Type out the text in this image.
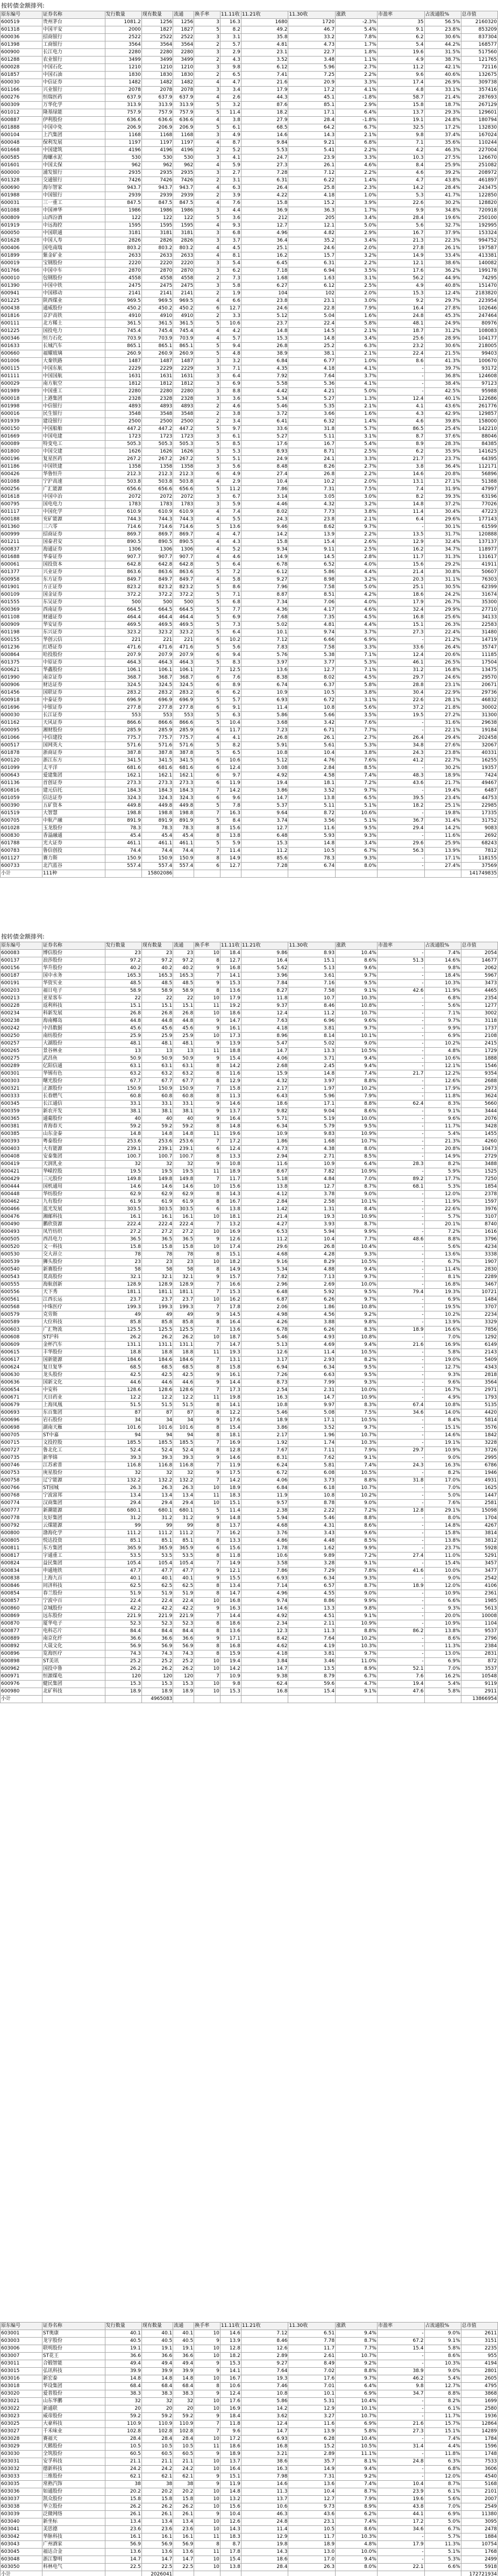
按转债金额排列:
原东编号	证券名称	发行数量	现有数量	流通	换手率	11.11收	11.21收	11.30收	涨跌	市盈率	占流通股%	总市值
600519	贵州茅台	1081.2	1256	1256	3	16.3	1680	1720	-2.3%	35	56.5%	2160320
601318	中国平安	2000	1827	1827	5	8.2	49.2	46.7	5.4%	9.1	23.8%	853209
600036	招商银行	2522	2522	2522	3	3.1	35.8	33.2	7.8%	6.2	30.6%	837304
601398	工商银行	3564	3564	3564	2	5.7	4.81	4.73	1.7%	5.4	44.2%	168577
600900	长江电力	2280	2280	2280	3	2.9	23.1	22.7	1.8%	19.6	31.5%	517560
601288	农业银行	3499	3499	3499	2	4.3	3.52	3.48	1.1%	4.9	38.7%	121765
600028	中国石化	1210	1210	1210	3	9.8	6.12	5.96	2.7%	11.2	42.1%	72116
601857	中国石油	1830	1830	1830	2	6.5	7.41	7.25	2.2%	9.6	40.6%	132675
600030	中信证券	1482	1482	1482	4	4.7	21.6	20.9	3.3%	17.4	26.9%	309738
601166	兴业银行	2078	2078	2078	3	3.4	17.9	17.2	4.1%	4.8	33.1%	357416
600276	恒瑞医药	637.9	637.9	637.9	4	2.6	44.3	45.1	-1.8%	58.7	21.4%	287693
600309	万华化学	313.9	313.9	313.9	5	3.2	87.6	85.1	2.9%	15.8	18.7%	267129
601012	隆基绿能	757.9	757.9	757.9	5	11.4	18.2	17.1	6.4%	13.7	29.3%	129601
600887	伊利股份	636.6	636.6	636.6	4	3.8	27.9	28.4	-1.8%	19.1	24.8%	180794
601888	中国中免	206.9	206.9	206.9	5	6.1	68.5	64.2	6.7%	32.5	17.2%	132830
600104	上汽集团	1168	1168	1168	3	4.9	14.6	14.3	2.1%	9.8	37.4%	167024
600048	保利发展	1197	1197	1197	4	8.7	9.84	9.21	6.8%	7.1	35.6%	110244
601668	中国建筑	4196	4196	4196	2	5.2	5.53	5.41	2.2%	4.2	46.3%	227004
600585	海螺水泥	530	530	530	3	4.1	24.7	23.9	3.3%	10.3	27.5%	126670
601601	中国太保	962	962	962	4	5.9	27.3	26.1	4.6%	8.4	25.9%	251082
600000	浦发银行	2935	2935	2935	3	2.7	7.28	7.12	2.2%	4.6	39.2%	208972
601328	交通银行	7426	7426	7426	2	3.1	6.31	6.22	1.4%	4.7	43.8%	461897
600690	海尔智家	943.7	943.7	943.7	4	6.3	26.4	25.8	2.3%	14.2	28.4%	243475
601988	中国银行	2939	2939	2939	2	3.9	4.22	4.18	1.0%	5.3	41.7%	122850
600031	三一重工	847.5	847.5	847.5	4	7.6	15.8	15.2	3.9%	22.6	30.2%	128820
601088	中国神华	1986	1986	1986	3	4.4	36.9	36.3	1.7%	9.9	34.8%	720918
600809	山西汾酒	122	122	122	5	3.6	212	205	3.4%	28.4	19.6%	250100
601919	中远海控	1595	1595	1595	4	9.3	12.7	12.1	5.0%	5.6	32.7%	192995
600050	中国联通	3181	3181	3181	3	6.8	4.96	4.82	2.9%	16.7	37.9%	153324
601628	中国人寿	2826	2826	2826	3	3.7	36.4	35.2	3.4%	21.3	22.3%	994752
600406	国电南瑞	803.2	803.2	803.2	4	4.5	25.1	24.6	2.0%	27.8	26.1%	197587
601899	紫金矿业	2633	2633	2633	4	8.1	16.2	15.7	3.2%	14.9	33.4%	413381
600019	宝钢股份	2220	2220	2220	3	5.4	6.45	6.31	2.2%	12.1	38.6%	140082
601766	中国中车	2870	2870	2870	3	6.2	7.18	6.94	3.5%	17.6	36.2%	199178
600010	包钢股份	4558	4558	4558	2	7.3	1.68	1.63	3.1%	56.2	44.9%	74295
601390	中国中铁	2475	2475	2475	3	5.8	6.27	6.12	2.5%	4.9	40.8%	151470
600941	中国移动	2141	2141	2141	2	1.9	104	102	2.0%	15.3	12.4%	2183820
601225	陕西煤业	969.5	969.5	969.5	4	6.6	23.8	23.1	3.0%	9.2	29.7%	223954
600438	通威股份	450.2	450.2	450.2	6	12.7	24.6	22.8	7.9%	16.4	27.8%	102646
601816	京沪高铁	4910	4910	4910	2	3.3	5.12	5.04	1.6%	24.8	45.3%	247464
600111	北方稀土	361.5	361.5	361.5	5	10.6	23.7	22.4	5.8%	48.1	24.9%	80976
601225	国投电力	745.4	745.4	745.4	4	4.2	14.8	14.5	2.1%	18.7	31.2%	108083
600346	恒力石化	703.9	703.9	703.9	4	5.7	15.3	14.8	3.4%	25.6	28.9%	104177
601633	长城汽车	865.1	865.1	865.1	5	9.4	26.8	25.2	6.3%	23.2	30.6%	218005
600660	福耀玻璃	260.9	260.9	260.9	5	4.8	38.9	38.1	2.1%	22.4	21.5%	99403
601006	大秦铁路	1487	1487	1487	3	3.2	6.84	6.77	1.0%	8.6	41.3%	100670
600115	中国东航	2229	2229	2229	3	7.1	4.35	4.18	4.1%	-	39.7%	93172
601111	中国国航	1631	1631	1631	3	6.4	7.92	7.64	3.7%	-	36.8%	124608
600029	南方航空	1812	1812	1812	3	6.9	5.58	5.36	4.1%	-	38.4%	97123
601989	中国重工	2280	2280	2280	3	8.8	4.42	4.21	5.0%	-	42.5%	95988
600018	上港集团	2328	2328	2328	3	3.6	5.34	5.27	1.3%	12.4	40.1%	122686
601998	中信银行	4893	4893	4893	2	4.6	5.46	5.35	2.1%	4.1	43.6%	261776
600016	民生银行	3548	3548	3548	2	3.8	3.72	3.66	1.6%	4.3	42.9%	129857
601939	建设银行	2500	2500	2500	2	3.4	6.41	6.32	1.4%	4.6	39.8%	158000
600150	中国船舶	447.2	447.2	447.2	5	9.7	33.6	31.8	5.7%	86.5	25.4%	142210
601669	中国电建	1723	1723	1723	3	6.1	5.27	5.11	3.1%	8.7	37.6%	88046
600089	特变电工	505.3	505.3	505.3	5	8.5	17.6	16.7	5.4%	8.9	28.3%	84385
601800	中国交建	1626	1626	1626	3	5.3	8.93	8.71	2.5%	6.2	35.9%	141625
600196	复星医药	267.2	267.2	267.2	5	5.1	24.9	24.1	3.3%	21.7	23.7%	64395
601186	中国铁建	1358	1358	1358	3	5.6	8.48	8.26	2.7%	3.8	36.4%	112171
600426	华鲁恒升	212.3	212.3	212.3	6	4.9	27.4	26.8	2.2%	14.6	20.8%	56896
601088	宁沪高速	503.8	503.8	503.8	4	2.9	10.4	10.2	2.0%	13.1	27.1%	51388
600256	广汇能源	656.6	656.6	656.6	5	11.2	7.86	7.31	7.5%	7.4	31.9%	47997
601618	中国中冶	2072	2072	2072	3	6.7	3.14	3.05	3.0%	8.2	39.3%	63196
600795	国电电力	1783	1783	1783	3	5.9	4.46	4.32	3.2%	14.8	37.2%	77026
601117	中国化学	610.9	610.9	610.9	4	7.4	8.02	7.73	3.8%	11.4	30.4%	47223
600188	兖矿能源	744.3	744.3	744.3	4	5.5	24.3	23.8	2.1%	6.4	29.6%	177143
601360	三六零	714.6	714.6	714.6	5	13.6	9.46	8.62	9.7%	-	30.1%	61599
600999	招商证券	869.7	869.7	869.7	4	4.7	14.2	13.9	2.2%	13.5	31.7%	120888
601211	国泰君安	890.5	890.5	890.5	4	4.3	15.8	15.4	2.6%	12.9	32.4%	137137
600837	海通证券	1306	1306	1306	4	5.2	9.34	9.11	2.5%	16.2	34.7%	118977
601688	华泰证券	907.7	907.7	907.7	4	4.6	14.9	14.5	2.8%	11.7	31.3%	131617
600061	国投资本	642.8	642.8	642.8	5	6.4	6.78	6.52	4.0%	15.6	29.2%	41911
601377	兴业证券	863.6	863.6	863.6	5	7.2	6.12	5.86	4.4%	21.4	30.8%	50607
600958	东方证券	849.7	849.7	849.7	4	5.8	9.27	8.98	3.2%	20.3	31.1%	76303
601901	方正证券	823.2	823.2	823.2	5	8.6	7.96	7.58	5.0%	25.1	30.5%	62399
600109	国金证券	372.2	372.2	372.2	5	7.1	8.87	8.51	4.2%	18.6	24.2%	31674
601555	东吴证券	500	500	500	5	6.8	7.34	7.06	4.0%	17.9	26.7%	35300
600369	西南证券	664.5	664.5	664.5	5	7.7	4.36	4.17	4.6%	32.4	29.9%	27710
601108	财通证券	464.4	464.4	464.4	5	6.9	7.68	7.35	4.5%	16.8	25.6%	34133
600909	华安证券	469.5	469.5	469.5	5	7.3	5.02	4.81	4.4%	15.1	26.3%	22583
601198	东兴证券	323.2	323.2	323.2	5	6.4	10.1	9.74	3.7%	27.3	22.4%	31480
600155	华创云信	221	221	221	6	10.2	7.12	6.66	6.9%	-	21.2%	14719
601236	红塔证券	471.6	471.6	471.6	5	5.6	7.83	7.58	3.3%	33.6	26.4%	35747
600864	哈投股份	207.9	207.9	207.9	6	9.4	5.76	5.38	7.1%	12.4	20.6%	11185
601375	中原证券	464.3	464.3	464.3	5	8.3	3.97	3.77	5.3%	46.1	26.5%	17504
600621	华鑫股份	106.1	106.1	106.1	7	12.5	13.6	12.7	7.1%	31.2	16.8%	13475
601990	南京证券	368.7	368.7	368.7	6	7.6	8.38	8.02	4.5%	29.7	24.6%	29570
600906	财达证券	324.5	324.5	324.5	6	8.9	6.74	6.37	5.8%	28.8	23.1%	20671
601456	国联证券	283.2	283.2	283.2	6	6.2	10.9	10.5	3.8%	30.4	22.9%	29736
600918	中泰证券	696.9	696.9	696.9	5	5.7	6.93	6.72	3.1%	22.6	28.1%	46832
601696	中银证券	277.8	277.8	277.8	6	9.1	11.4	10.8	5.6%	37.2	21.8%	30002
600030	长江证券	553	553	553	5	6.3	5.86	5.66	3.5%	19.5	27.2%	31300
601162	天风证券	866.6	866.6	866.6	5	10.4	3.68	3.42	7.6%	-	31.6%	29638
600095	湘财股份	285.9	285.9	285.9	6	11.7	7.23	6.71	7.7%	-	22.1%	19184
601066	中信建投	775.7	775.7	775.7	4	4.1	26.8	26.1	2.7%	26.4	29.4%	202458
600517	国网英大	571.6	571.6	571.6	5	8.2	5.91	5.61	5.3%	34.8	27.6%	32067
601878	浙商证券	387.8	387.8	387.8	5	6.5	10.8	10.4	3.8%	24.3	23.8%	40331
600120	浙江东方	341.5	341.5	341.5	6	10.6	5.12	4.76	7.6%	41.2	22.7%	16255
601099	太平洋	681.6	681.6	681.6	6	12.4	3.08	2.84	8.5%	-	30.2%	19357
600643	爱建集团	162.1	162.1	162.1	6	9.7	4.92	4.58	7.4%	48.3	18.9%	7424
601136	首创证券	273.3	273.3	273.3	6	11.9	19.4	18.1	7.2%	43.6	21.7%	49467
600816	建元信托	184.3	184.3	184.3	7	14.2	3.86	3.52	9.7%	-	19.4%	6487
601059	信达证券	324.3	324.3	324.3	6	9.6	14.7	13.8	6.5%	39.5	23.4%	44753
600390	五矿资本	449.8	449.8	449.8	5	7.8	5.37	5.11	5.1%	18.2	25.1%	22985
601519	大智慧	198.8	198.8	198.8	7	16.3	9.64	8.72	10.6%	-	19.8%	17335
600705	中航产融	891.9	891.9	891.9	5	8.4	3.74	3.56	5.1%	36.7	31.4%	31752
601028	玉龙股份	78.3	78.3	78.3	8	15.6	12.7	11.6	9.5%	29.4	14.2%	9083
600830	香溢融通	45.4	45.4	45.4	8	13.8	6.48	5.93	9.3%	-	11.6%	2692
601788	光大证券	461.1	461.1	461.1	5	5.9	15.3	14.8	3.4%	29.6	25.9%	68243
600783	鲁信创投	74.4	74.4	74.4	7	11.4	11.2	10.5	6.7%	56.3	13.9%	7812
601127	赛力斯	150.9	150.9	150.9	8	14.9	85.6	78.3	9.3%	-	17.1%	118155
600733	北汽蓝谷	557.4	557.4	557.4	6	12.7	7.28	6.74	8.0%	-	27.4%	37569
小计	111种		15802086									141749835
按转债金额排列:
原东编号	证券名称	发行数量	现有数量	流通	换手率	11.11收	11.21收	11.30收	涨跌	市盈率	占流通股%	总市值
600083	博信股份	23	23	23	10	18.4	9.86	8.93	10.4%	-	7.4%	2054
600137	浪莎股份	97.2	97.2	97.2	8	12.7	16.4	15.1	8.6%	51.3	14.6%	14677
600156	华升股份	40.2	40.2	40.2	9	16.8	5.62	5.13	9.6%	-	9.8%	2062
600187	国中水务	165.3	165.3	165.3	7	14.1	3.96	3.61	9.7%	-	18.4%	5967
600191	华资实业	48.5	48.5	48.5	9	15.3	7.84	7.16	9.5%	-	10.3%	3473
600203	福日电子	58.9	58.9	58.9	8	13.6	8.27	7.58	9.1%	42.6	11.9%	4465
600213	亚星客车	22	22	22	10	17.9	11.8	10.7	10.3%	-	6.8%	2354
600228	返利科技	15.1	15.1	15.1	11	19.2	9.37	8.46	10.8%	-	5.6%	1277
600234	科新发展	26.8	26.8	26.8	10	18.6	12.4	11.2	10.7%	-	7.1%	3002
600238	海南椰岛	44.8	44.8	44.8	9	14.7	7.63	6.96	9.6%	-	9.7%	3118
600242	中昌数据	45.6	45.6	45.6	9	16.1	4.18	3.81	9.7%	-	9.9%	1737
600250	南纺股份	25.9	25.9	25.9	10	17.3	8.96	8.14	10.1%	-	6.9%	2108
600257	大湖股份	48.1	48.1	48.1	9	13.9	5.47	5.02	9.0%	-	10.2%	2415
600265	景谷林业	13	13	13	11	18.8	14.7	13.3	10.5%	-	4.8%	1729
600275	武昌鱼	50.9	50.9	50.9	9	15.4	4.06	3.71	9.4%	-	10.6%	1888
600289	亿阳信通	63.1	63.1	63.1	8	14.2	2.68	2.45	9.4%	-	12.1%	1546
600301	华锡有色	63.2	63.2	63.2	8	11.6	15.9	14.8	7.4%	21.7	12.2%	9354
600303	曙光股份	67.7	67.7	67.7	8	12.9	4.32	3.97	8.8%	-	12.6%	2688
600321	正源股份	150.9	150.9	150.9	7	15.8	2.17	1.97	10.2%	-	17.9%	2973
600333	长春燃气	60.8	60.8	60.8	8	11.3	6.43	5.96	7.9%	-	11.8%	3624
600345	长江通信	33.1	33.1	33.1	9	14.6	18.6	17.1	8.8%	62.4	8.3%	5660
600359	新农开发	38.1	38.1	38.1	9	13.7	9.82	9.04	8.6%	-	9.1%	3444
600365	通葡股份	40	40	40	9	16.4	5.71	5.19	10.0%	-	9.6%	2076
600381	青海春天	59.2	59.2	59.2	8	14.8	6.34	5.79	9.5%	-	11.7%	3428
600385	山东金泰	14.8	14.8	14.8	11	19.6	10.9	9.83	10.9%	-	5.4%	1455
600393	粤泰股份	253.6	253.6	253.6	7	17.2	1.86	1.68	10.7%	-	21.3%	4260
600403	大有能源	239.1	239.1	239.1	6	12.4	4.73	4.38	8.0%	-	20.8%	10473
600408	安泰集团	100.7	100.7	100.7	8	13.3	2.94	2.71	8.5%	-	14.9%	2729
600419	天润乳业	32	32	32	9	10.8	11.6	10.9	6.4%	28.3	8.2%	3488
600421	华嵘控股	19.5	19.5	19.5	11	18.9	8.67	7.82	10.9%	-	5.9%	1525
600429	三元股份	149.8	149.8	149.8	7	11.7	5.18	4.84	7.0%	89.2	17.7%	7250
600444	国机通用	14.6	14.6	14.6	10	15.6	13.8	12.7	8.7%	68.1	5.3%	1854
600448	华纺股份	62.9	62.9	62.9	8	14.3	4.12	3.78	9.0%	-	12.0%	2378
600462	九有股份	61.9	61.9	61.9	8	16.7	2.84	2.58	10.1%	-	11.9%	1597
600466	蓝光发展	303.5	303.5	303.5	6	13.8	1.42	1.31	8.4%	-	22.6%	3976
600476	湘邮科技	16.1	16.1	16.1	10	18.1	21.4	19.3	10.9%	-	5.7%	3107
600490	鹏欣资源	222.4	222.4	222.4	7	13.2	4.27	3.93	8.7%	-	20.1%	8740
600493	凤竹纺织	27.2	27.2	27.2	10	16.9	6.53	5.94	9.9%	-	7.2%	1616
600505	西昌电力	36.5	36.5	36.5	9	12.6	11.2	10.4	7.7%	48.6	8.8%	3796
600520	文一科技	15.8	15.8	15.8	10	17.4	29.6	26.8	10.4%	-	5.6%	4234
600530	交大昂立	78	78	78	8	15.1	4.68	4.28	9.3%	-	13.6%	3338
600539	狮头股份	23	23	23	10	18.2	9.16	8.29	10.5%	-	6.7%	1907
600540	新赛股份	58	58	58	8	14.9	5.34	4.88	9.4%	-	11.4%	2830
600543	莫高股份	32.1	32.1	32.1	9	15.7	7.82	7.13	9.7%	-	8.1%	2289
600555	海航创新	128.9	128.9	128.9	7	16.6	2.96	2.69	10.0%	-	16.8%	3467
600556	天下秀	181.1	181.1	181.1	7	15.3	6.48	5.92	9.5%	79.4	19.3%	10721
600561	江西长运	23.7	23.7	23.7	10	16.2	6.87	6.26	9.7%	-	6.9%	1484
600568	中珠医疗	199.3	199.3	199.3	7	17.8	2.06	1.86	10.8%	-	19.5%	3707
600579	克劳斯	49	49	49	9	14.5	4.98	4.56	9.2%	-	10.2%	2234
600589	大位科技	85.8	85.8	85.8	8	16.4	4.26	3.88	9.8%	-	13.9%	3329
600603	广汇物流	125.5	125.5	125.5	7	13.6	6.78	6.26	8.3%	18.9	16.6%	7856
600608	ST沪科	26.2	26.2	26.2	10	18.7	5.46	4.93	10.8%	-	7.0%	1292
600609	金杯汽车	131.1	131.1	131.1	7	14.7	5.13	4.69	9.4%	21.6	16.9%	6149
600615	丰华股份	18.8	18.8	18.8	11	19.3	12.6	11.4	10.5%	-	5.8%	2143
600617	国新能源	184.6	184.6	184.6	7	13.1	3.17	2.93	8.2%	-	19.0%	5409
600624	复旦复华	68.5	68.5	68.5	8	15.8	6.94	6.34	9.5%	-	12.7%	4343
600630	龙头股份	42.5	42.5	42.5	9	16.1	7.26	6.63	9.5%	-	9.3%	2818
600636	国新文化	44.6	44.6	44.6	9	14.4	8.73	7.99	9.3%	-	9.6%	3564
600654	中安科	128.6	128.6	128.6	7	17.3	2.54	2.31	10.0%	-	16.7%	2971
600671	天目药业	12.2	12.2	12.2	11	19.8	16.3	14.7	10.9%	-	4.9%	1793
600679	上海凤凰	51.5	51.5	51.5	8	14.1	10.8	9.97	8.3%	67.4	10.8%	5135
600693	东百集团	87	87	87	8	12.2	5.46	5.08	7.5%	34.6	14.0%	4420
600696	岩石股份	34	34	34	9	17.6	18.9	17.1	10.5%	-	8.4%	5814
600698	湖南天雁	101.6	101.6	101.6	8	15.4	3.86	3.52	9.7%	-	15.1%	3576
600705	ST中嘉	94	94	94	8	18.1	2.17	1.96	10.7%	-	14.6%	1842
600715	文投控股	185.5	185.5	185.5	7	16.9	1.92	1.74	10.3%	-	19.1%	3228
600727	鲁北化工	52.4	52.4	52.4	8	12.8	7.67	7.11	7.9%	29.7	10.9%	3726
600735	新华锦	39.3	39.3	39.3	9	14.6	8.31	7.62	9.1%	-	9.0%	2995
600746	江苏索普	116.8	116.8	116.8	7	11.9	6.24	5.81	7.4%	24.3	16.3%	6786
600753	庚星股份	32	32	32	9	17.5	6.72	6.08	10.5%	-	8.2%	1946
600758	辽宁能源	132.2	132.2	132.2	7	14.2	4.06	3.73	8.8%	31.8	17.0%	4931
600766	ST园城	26.3	26.3	26.3	10	18.9	6.84	6.18	10.7%	-	7.0%	1625
600768	宁波富邦	13.4	13.4	13.4	11	18.3	11.9	10.8	10.2%	-	5.0%	1447
600774	汉商集团	29.4	29.4	29.4	10	15.1	9.57	8.78	9.0%	-	7.6%	2581
600777	新潮能源	680.1	680.1	680.1	5	11.4	2.38	2.22	7.2%	12.8	29.1%	15098
600778	友好集团	31.2	31.2	31.2	9	14.8	5.94	5.46	8.8%	-	8.0%	1704
600792	云煤能源	99	99	99	8	13.7	4.68	4.31	8.6%	-	14.8%	4267
600800	渤海化学	111.2	111.2	111.2	7	16.2	3.76	3.43	9.6%	-	15.8%	3814
600805	悦达投资	85.1	85.1	85.1	8	13.3	4.86	4.48	8.5%	-	13.8%	3812
600811	东方集团	365.9	365.9	365.9	6	15.6	1.78	1.62	9.9%	-	23.7%	5928
600817	宇通重工	53.5	53.5	53.5	8	11.8	10.6	9.89	7.2%	27.4	11.0%	5291
600824	益民集团	105.4	105.4	105.4	7	14.9	3.58	3.28	9.1%	-	15.4%	3457
600834	申通地铁	47.7	47.7	47.7	9	12.1	7.86	7.29	7.8%	41.6	10.0%	3477
600838	上海九百	40.1	40.1	40.1	9	15.5	6.93	6.34	9.3%	-	9.0%	2542
600846	同济科技	62.5	62.5	62.5	8	13.4	7.14	6.57	8.7%	18.9	12.0%	4106
600854	春兰股份	51.9	51.9	51.9	8	14.7	4.96	4.55	9.0%	-	10.9%	2361
600857	宁波中百	22.4	22.4	22.4	10	16.8	9.74	8.86	9.9%	-	6.6%	1985
600860	京城股份	42.2	42.2	42.2	9	16.3	14.6	13.3	9.8%	-	9.3%	5613
600869	远东股份	221.9	221.9	221.9	7	14.4	4.92	4.51	9.1%	-	20.0%	10008
600870	厦华电子	52.3	52.3	52.3	8	18.6	2.34	2.11	10.9%	-	10.9%	1104
600877	电科芯片	84.4	84.4	84.4	8	13.6	12.3	11.3	8.8%	86.2	13.8%	9537
600889	南京化纤	36.6	36.6	36.6	9	17.1	8.42	7.64	10.2%	-	8.6%	2796
600892	大晟文化	56.9	56.9	56.9	8	16.8	4.62	4.19	10.3%	-	11.3%	2384
600896	览海医疗	74.3	74.3	74.3	8	15.9	4.18	3.81	9.7%	-	13.0%	2831
600898	ST美讯	25.2	25.2	25.2	10	19.4	3.84	3.46	11.0%	-	6.9%	872
600962	国投中鲁	26.2	26.2	26.2	10	14.2	14.7	13.5	8.9%	52.1	7.0%	3537
600971	恒源煤电	120	120	120	7	10.9	9.38	8.79	6.7%	7.6	16.2%	10548
600976	健民集团	15.3	15.3	15.3	10	9.8	62.4	59.6	4.7%	19.4	5.4%	9119
600980	北矿科技	18.9	18.9	18.9	10	15.3	16.8	15.4	9.1%	47.6	5.8%	2911
小计			4965083									13866954
原东编号	证券名称	发行数量	现有数量	流通	换手率	11.11收	11.21收	11.30收	涨跌	市盈率	占流通股%	总市值
603001	ST奥康	40.1	40.1	40.1	10	14.6	7.12	6.51	9.4%	-	9.0%	2611
603003	龙宇股份	40.5	40.5	40.5	9	13.9	8.46	7.78	8.7%	67.2	9.1%	3151
603006	联明股份	19.1	19.1	19.1	10	12.8	12.6	11.7	7.7%	15.4	5.8%	2235
603007	ST花王	36.6	36.6	36.6	10	18.2	2.89	2.61	10.7%	-	8.6%	955
603011	合锻智能	49.4	49.4	49.4	9	15.3	9.27	8.49	9.2%	-	10.3%	4194
603015	弘讯科技	39.9	39.9	39.9	9	14.1	7.64	7.02	8.8%	38.9	9.0%	2801
603016	新宏泰	14.8	14.8	14.8	10	16.7	19.3	17.6	9.7%	46.2	5.4%	2605
603018	华设集团	68.4	68.4	68.4	8	10.6	7.46	7.01	6.4%	9.8	12.7%	4795
603020	爱普股份	38.3	38.3	38.3	9	12.4	10.8	10.1	6.9%	34.7	8.8%	3868
603021	山东华鹏	32	32	32	10	17.6	5.86	5.31	10.4%	-	8.2%	1699
603022	新通联	20	20	20	10	16.9	14.2	12.9	10.1%	-	6.1%	2580
603023	威帝股份	59.2	59.2	59.2	9	18.4	3.62	3.27	10.7%	-	11.7%	1936
603025	大豪科技	110.9	110.9	110.9	7	11.8	12.4	11.6	6.9%	21.6	15.7%	12864
603027	千禾味业	102.8	102.8	102.8	7	9.6	14.7	13.9	5.8%	27.3	15.1%	14289
603028	赛福天	28.4	28.4	28.4	10	17.2	6.93	6.28	10.4%	-	7.4%	1784
603029	天鹅股份	10.5	10.5	10.5	11	18.6	16.8	15.2	10.5%	31.4	4.4%	1596
603030	全筑股份	60.5	60.5	60.5	9	18.9	3.21	2.89	11.1%	-	11.8%	1748
603031	安孚科技	21.1	21.1	21.1	10	13.7	38.6	35.7	8.1%	24.8	6.3%	7533
603032	德新科技	24.2	24.2	24.2	10	16.4	16.3	14.9	9.4%	-	6.8%	3606
603033	三维股份	62.1	62.1	62.1	9	15.1	7.98	7.31	9.2%	-	12.0%	4540
603035	常熟汽饰	38	38	38	9	11.9	14.6	13.6	7.4%	10.4	8.7%	5168
603036	如通股份	20.2	20.2	20.2	10	14.8	11.3	10.4	8.7%	23.9	6.1%	2101
603037	凯众股份	15.8	15.8	15.8	10	13.2	13.7	12.7	7.9%	19.6	5.6%	2007
603038	华立股份	26.2	26.2	26.2	10	15.6	10.6	9.73	8.9%	43.8	7.0%	2549
603039	泛微网络	26.1	26.1	26.1	9	10.4	46.3	43.6	6.2%	44.1	6.9%	11380
603040	新坐标	13.4	13.4	13.4	10	12.6	24.8	23.1	7.4%	17.2	5.0%	3095
603041	美思德	23.6	23.6	23.6	10	14.3	11.4	10.5	8.6%	34.6	6.7%	2478
603042	华脉科技	16.1	16.1	16.1	11	18.3	12.9	11.7	10.3%	-	5.7%	1884
603043	广州酒家	56.9	56.9	56.9	8	8.7	19.8	18.9	4.8%	17.9	11.3%	10754
603045	福达合金	13.6	13.6	13.6	11	17.8	14.3	13.0	10.0%	-	5.1%	1768
603048	浙江黎明	14.7	14.7	14.7	10	15.4	18.6	17.0	9.4%	-	5.3%	2499
603050	科林电气	22.5	22.5	22.5	10	13.8	28.4	26.3	8.0%	22.1	6.6%	5918
小计			2026041									172721934
